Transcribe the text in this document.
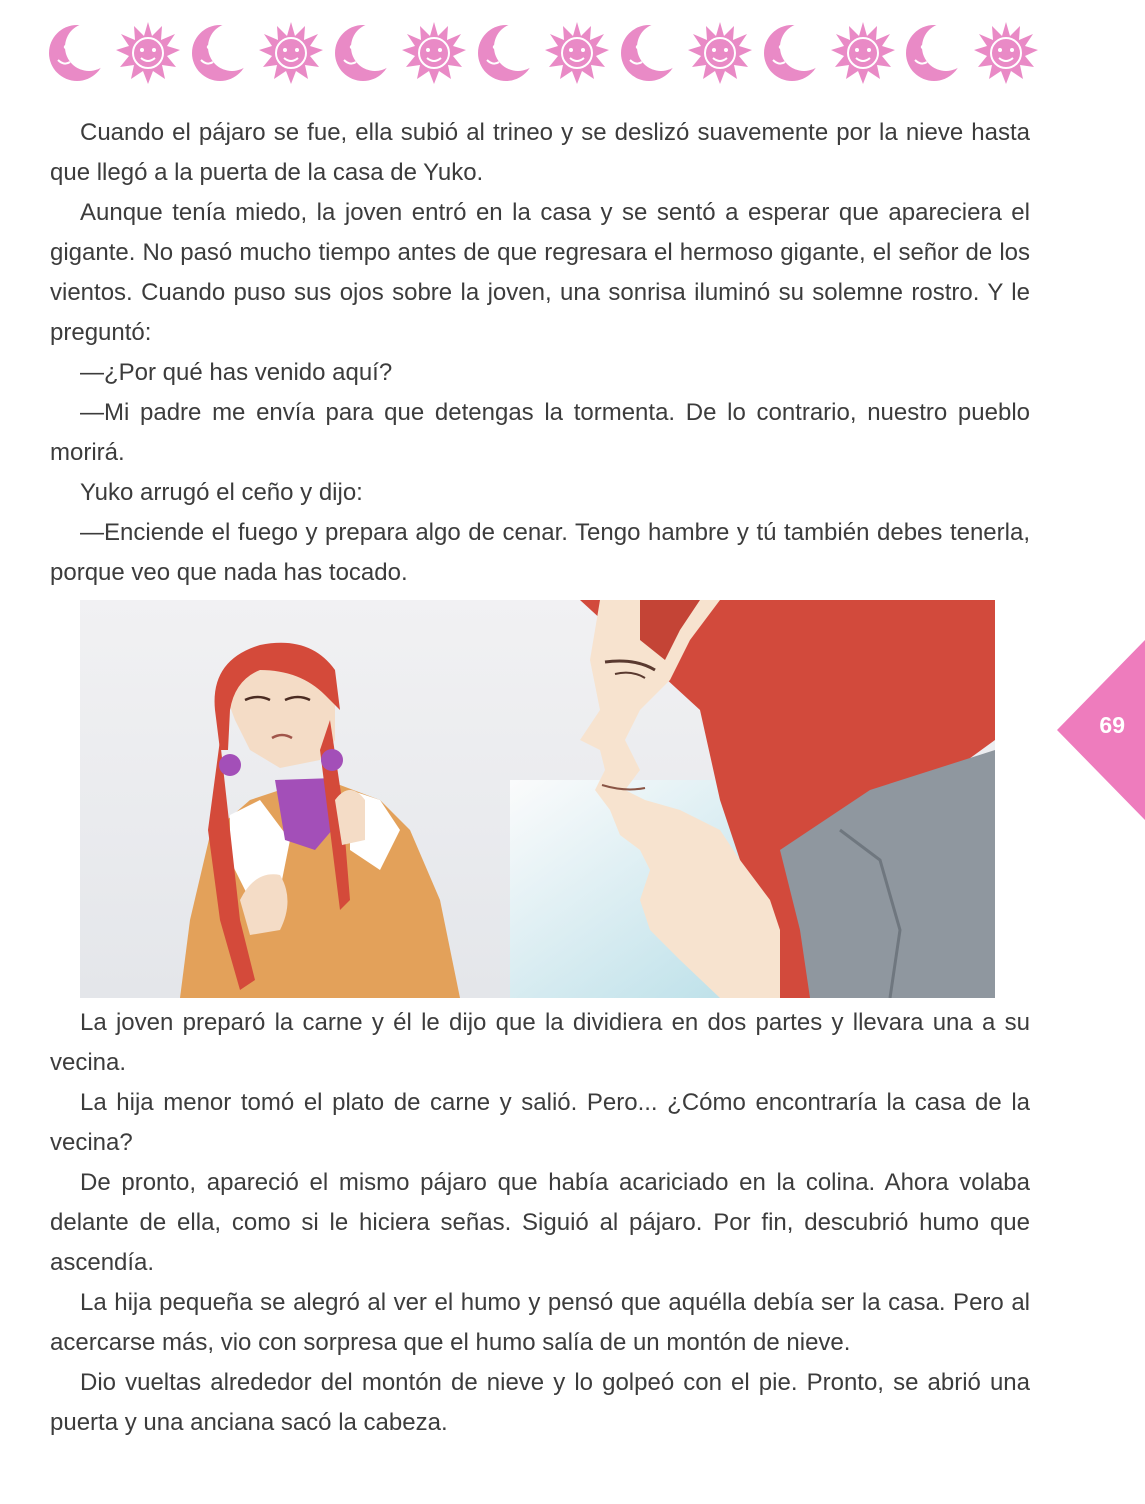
Cuando el pájaro se fue, ella subió al trineo y se deslizó suavemente por la nieve hasta que llegó a la puerta de la casa de Yuko.

Aunque tenía miedo, la joven entró en la casa y se sentó a esperar que apareciera el gigante. No pasó mucho tiempo antes de que regresara el hermoso gigante, el señor de los vientos. Cuando puso sus ojos sobre la joven, una sonrisa iluminó su solemne rostro. Y le preguntó:

—¿Por qué has venido aquí?

—Mi padre me envía para que detengas la tormenta. De lo contrario, nuestro pueblo morirá.

Yuko arrugó el ceño y dijo:

—Enciende el fuego y prepara algo de cenar. Tengo hambre y tú también debes tenerla, porque veo que nada has tocado.

La joven preparó la carne y él le dijo que la dividiera en dos partes y llevara una a su vecina.

La hija menor tomó el plato de carne y salió. Pero... ¿Cómo encontraría la casa de la vecina?

De pronto, apareció el mismo pájaro que había acariciado en la colina. Ahora volaba delante de ella, como si le hiciera señas. Siguió al pájaro. Por fin, descubrió humo que ascendía.

La hija pequeña se alegró al ver el humo y pensó que aquélla debía ser la casa. Pero al acercarse más, vio con sorpresa que el humo salía de un montón de nieve.

Dio vueltas alrededor del montón de nieve y lo golpeó con el pie. Pronto, se abrió una puerta y una anciana sacó la cabeza.

69
